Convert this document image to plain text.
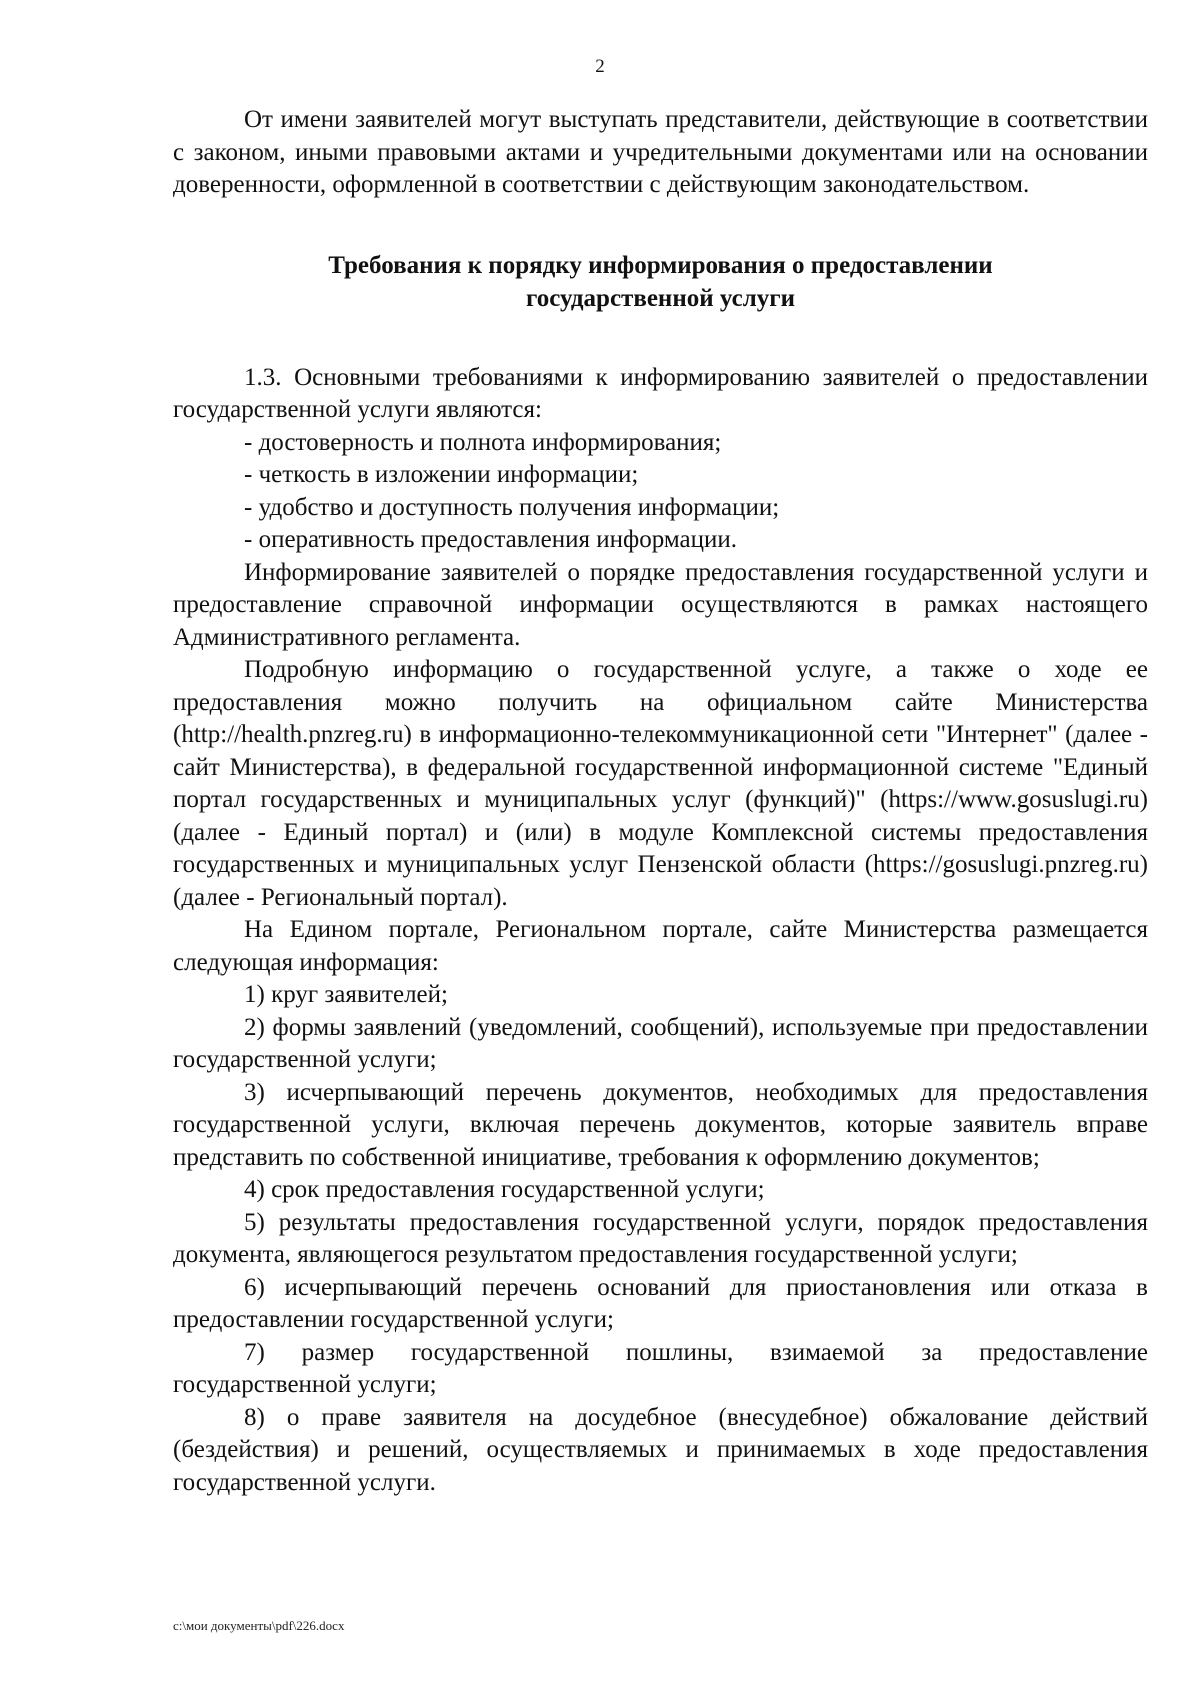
2

От имени заявителей могут выступать представители, действующие в соответствии с законом, иными правовыми актами и учредительными документами или на основании доверенности, оформленной в соответствии с действующим законодательством.

Требования к порядку информирования о предоставлении
государственной услуги

1.3. Основными требованиями к информированию заявителей о предоставлении государственной услуги являются:

- достоверность и полнота информирования;

- четкость в изложении информации;

- удобство и доступность получения информации;

- оперативность предоставления информации.

Информирование заявителей о порядке предоставления государственной услуги и предоставление справочной информации осуществляются в рамках настоящего Административного регламента.

Подробную информацию о государственной услуге, а также о ходе ее предоставления можно получить на официальном сайте Министерства (http://health.pnzreg.ru) в информационно-телекоммуникационной сети "Интернет" (далее - сайт Министерства), в федеральной государственной информационной системе "Единый портал государственных и муниципальных услуг (функций)" (https://www.gosuslugi.ru) (далее - Единый портал) и (или) в модуле Комплексной системы предоставления государственных и муниципальных услуг Пензенской области (https://gosuslugi.pnzreg.ru) (далее - Региональный портал).

На Едином портале, Региональном портале, сайте Министерства размещается следующая информация:

1) круг заявителей;

2) формы заявлений (уведомлений, сообщений), используемые при предоставлении государственной услуги;

3) исчерпывающий перечень документов, необходимых для предоставления государственной услуги, включая перечень документов, которые заявитель вправе представить по собственной инициативе, требования к оформлению документов;

4) срок предоставления государственной услуги;

5) результаты предоставления государственной услуги, порядок предоставления документа, являющегося результатом предоставления государственной услуги;

6) исчерпывающий перечень оснований для приостановления или отказа в предоставлении государственной услуги;

7) размер государственной пошлины, взимаемой за предоставление государственной услуги;

8) о праве заявителя на досудебное (внесудебное) обжалование действий (бездействия) и решений, осуществляемых и принимаемых в ходе предоставления государственной услуги.

c:\мои документы\pdf\226.docx
